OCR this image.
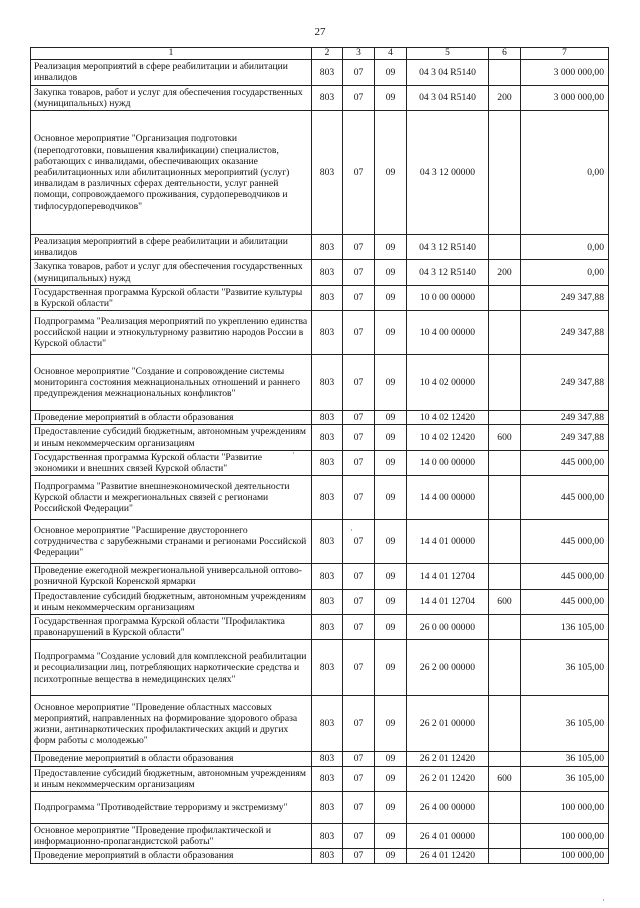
27
1	2	3	4	5	6	7
Реализация мероприятий в сфере реабилитации и абилитации инвалидов	803	07	09	04 3 04 R5140		3 000 000,00
Закупка товаров, работ и услуг для обеспечения государственных (муниципальных) нужд	803	07	09	04 3 04 R5140	200	3 000 000,00
Основное мероприятие "Организация подготовки (переподготовки, повышения квалификации) специалистов, работающих с инвалидами, обеспечивающих оказание реабилитационных или абилитационных мероприятий (услуг) инвалидам в различных сферах деятельности, услуг ранней помощи, сопровождаемого проживания, сурдопереводчиков и тифлосурдопереводчиков"	803	07	09	04 3 12 00000		0,00
Реализация мероприятий в сфере реабилитации и абилитации инвалидов	803	07	09	04 3 12 R5140		0,00
Закупка товаров, работ и услуг для обеспечения государственных (муниципальных) нужд	803	07	09	04 3 12 R5140	200	0,00
Государственная программа Курской области "Развитие культуры в Курской области"	803	07	09	10 0 00 00000		249 347,88
Подпрограмма "Реализация мероприятий по укреплению единства российской нации и этнокультурному развитию народов России в Курской области"	803	07	09	10 4 00 00000		249 347,88
Основное мероприятие "Создание и сопровождение системы мониторинга состояния межнациональных отношений и раннего предупреждения межнациональных конфликтов"	803	07	09	10 4 02 00000		249 347,88
Проведение мероприятий в области образования	803	07	09	10 4 02 12420		249 347,88
Предоставление субсидий бюджетным, автономным учреждениям и иным некоммерческим организациям	803	07	09	10 4 02 12420	600	249 347,88
Государственная программа Курской области "Развитие экономики и внешних связей Курской области"	803	07	09	14 0 00 00000		445 000,00
Подпрограмма "Развитие внешнеэкономической деятельности Курской области и межрегиональных связей с регионами Российской Федерации"	803	07	09	14 4 00 00000		445 000,00
Основное мероприятие "Расширение двустороннего сотрудничества с зарубежными странами и регионами Российской Федерации"	803	07	09	14 4 01 00000		445 000,00
Проведение ежегодной межрегиональной универсальной оптово-розничной Курской Коренской ярмарки	803	07	09	14 4 01 12704		445 000,00
Предоставление субсидий бюджетным, автономным учреждениям и иным некоммерческим организациям	803	07	09	14 4 01 12704	600	445 000,00
Государственная программа Курской области "Профилактика правонарушений в Курской области"	803	07	09	26 0 00 00000		136 105,00
Подпрограмма "Создание условий для комплексной реабилитации и ресоциализации лиц, потребляющих наркотические средства и психотропные вещества в немедицинских целях"	803	07	09	26 2 00 00000		36 105,00
Основное мероприятие "Проведение областных массовых мероприятий, направленных на формирование здорового образа жизни, антинаркотических профилактических акций и других форм работы с молодежью"	803	07	09	26 2 01 00000		36 105,00
Проведение мероприятий в области образования	803	07	09	26 2 01 12420		36 105,00
Предоставление субсидий бюджетным, автономным учреждениям и иным некоммерческим организациям	803	07	09	26 2 01 12420	600	36 105,00
Подпрограмма "Противодействие терроризму и экстремизму"	803	07	09	26 4 00 00000		100 000,00
Основное мероприятие "Проведение профилактической и информационно-пропагандистской работы"	803	07	09	26 4 01 00000		100 000,00
Проведение мероприятий в области образования	803	07	09	26 4 01 12420		100 000,00
·
·
·
